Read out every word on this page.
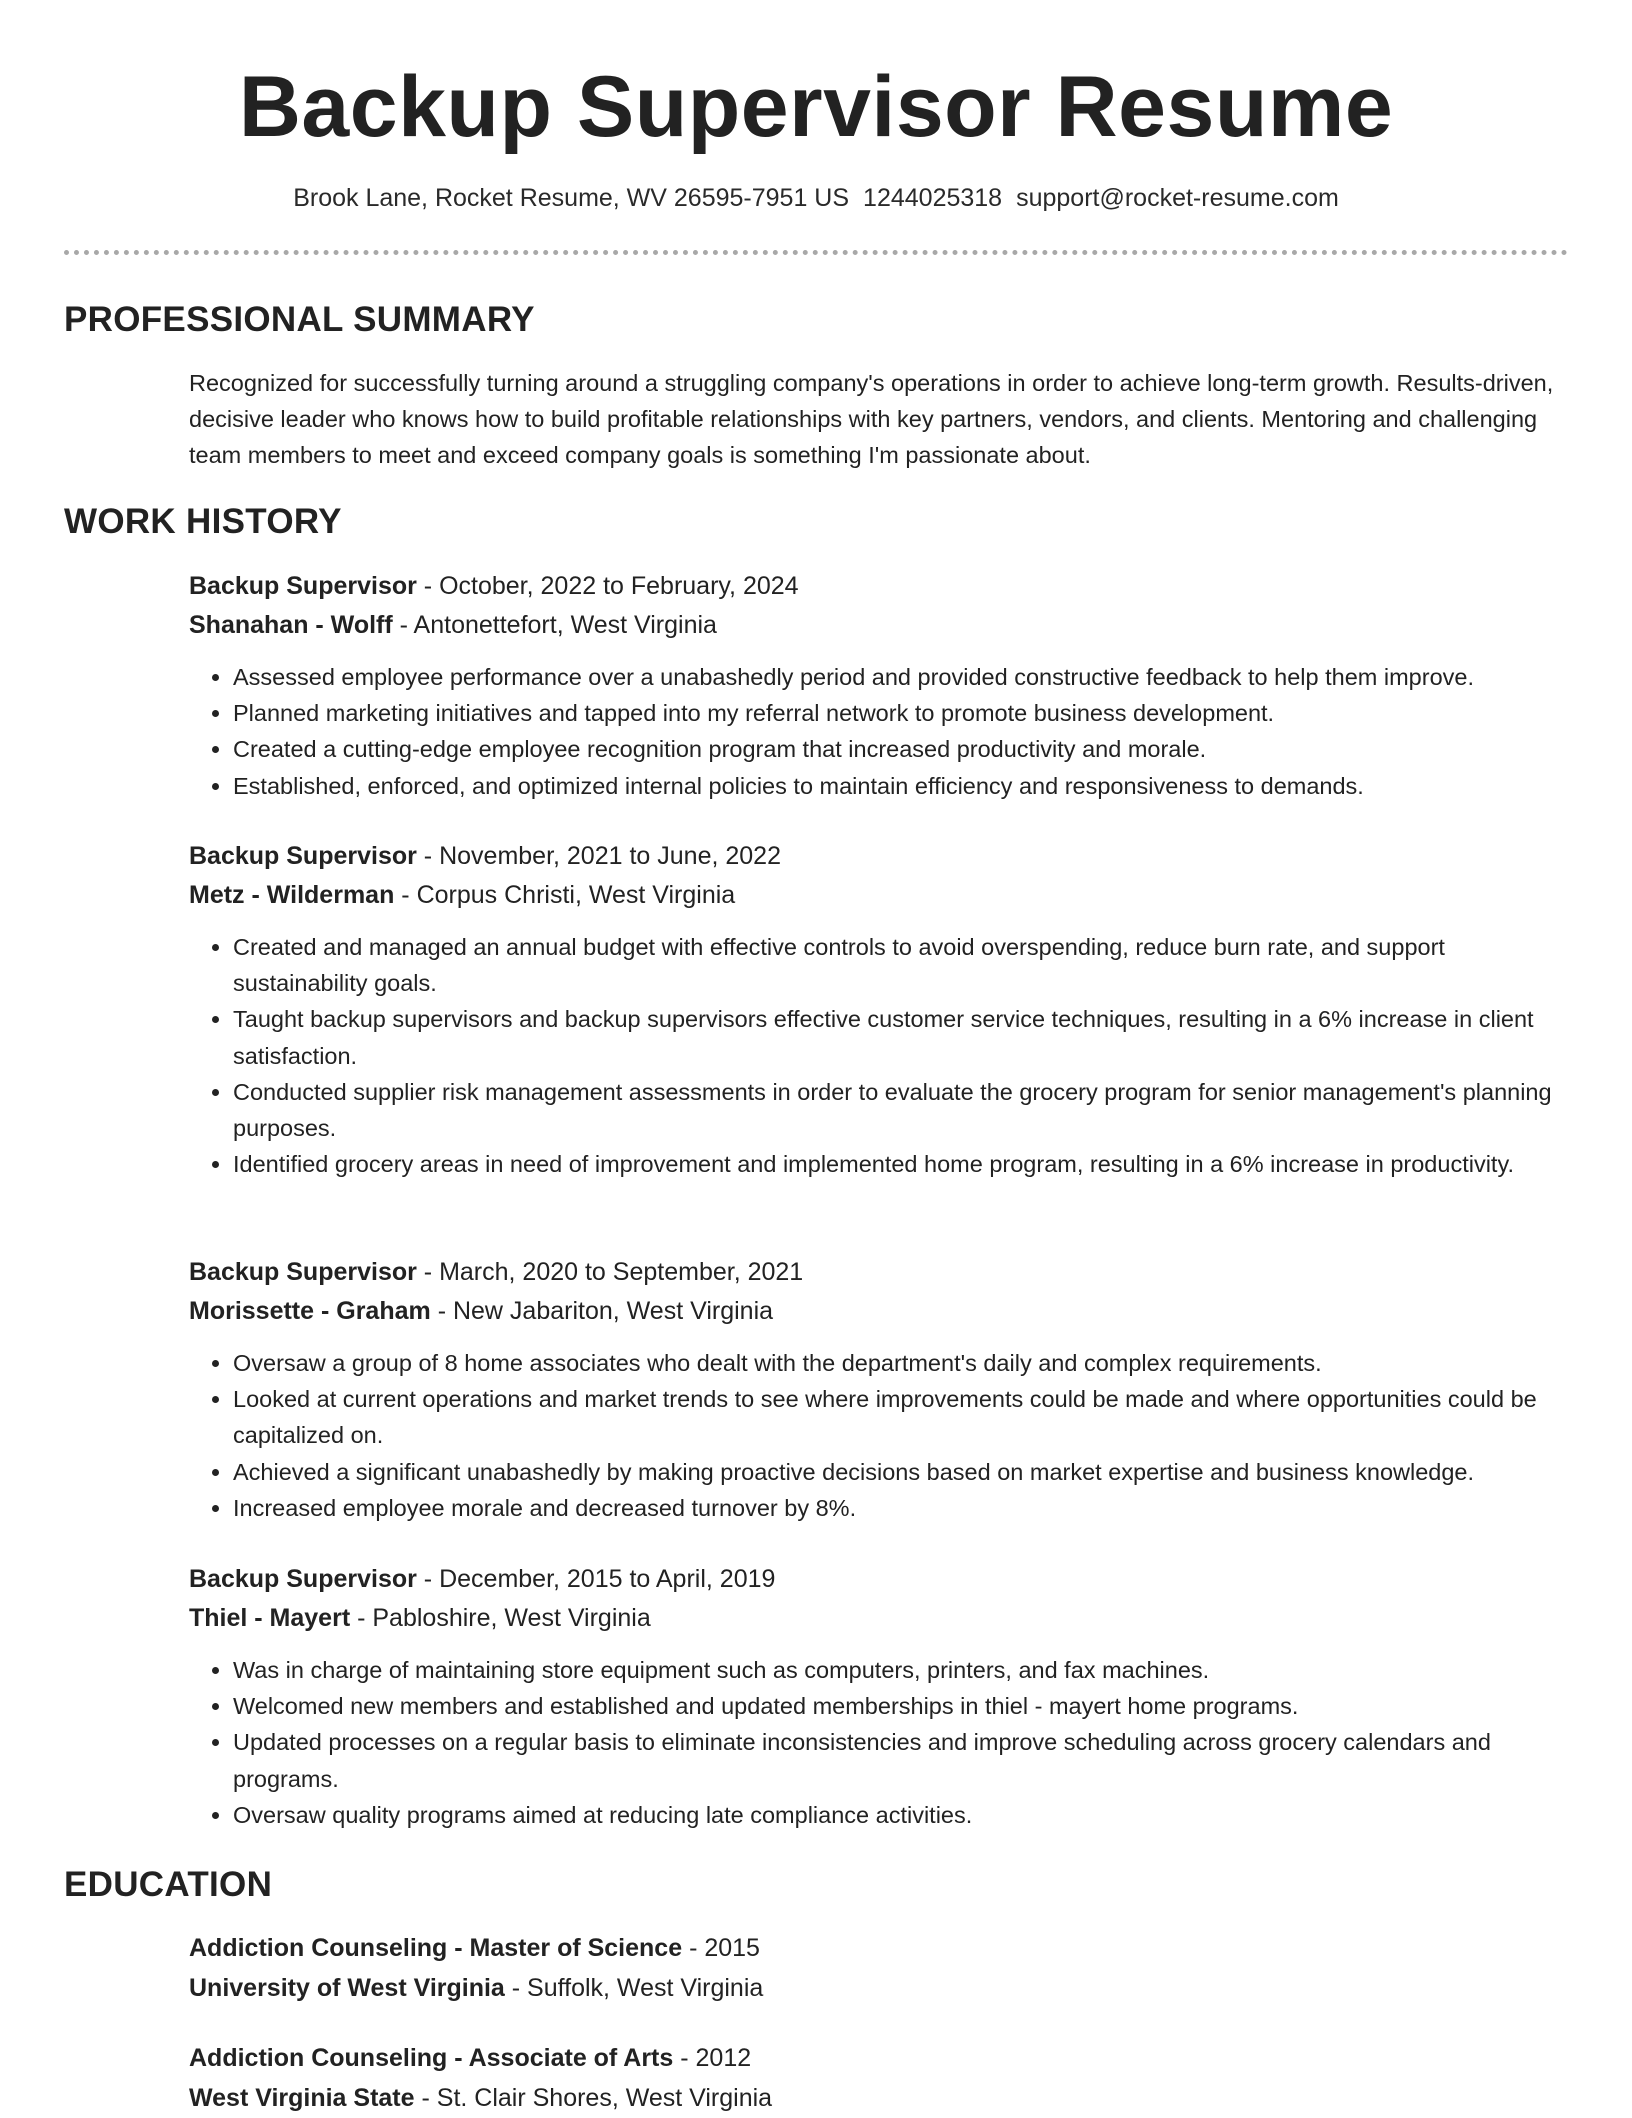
Backup Supervisor Resume
Brook Lane, Rocket Resume, WV 26595-7951 US 1244025318 support@rocket-resume.com
PROFESSIONAL SUMMARY

Recognized for successfully turning around a struggling company's operations in order to achieve long-term growth. Results-driven, decisive leader who knows how to build profitable relationships with key partners, vendors, and clients. Mentoring and challenging team members to meet and exceed company goals is something I'm passionate about.

WORK HISTORY
Backup Supervisor - October, 2022 to February, 2024
Shanahan - Wolff - Antonettefort, West Virginia
• Assessed employee performance over a unabashedly period and provided constructive feedback to help them improve.
• Planned marketing initiatives and tapped into my referral network to promote business development.
• Created a cutting-edge employee recognition program that increased productivity and morale.
• Established, enforced, and optimized internal policies to maintain efficiency and responsiveness to demands.
Backup Supervisor - November, 2021 to June, 2022
Metz - Wilderman - Corpus Christi, West Virginia
• Created and managed an annual budget with effective controls to avoid overspending, reduce burn rate, and support sustainability goals.
• Taught backup supervisors and backup supervisors effective customer service techniques, resulting in a 6% increase in client satisfaction.
• Conducted supplier risk management assessments in order to evaluate the grocery program for senior management's planning purposes.
• Identified grocery areas in need of improvement and implemented home program, resulting in a 6% increase in productivity.
Backup Supervisor - March, 2020 to September, 2021
Morissette - Graham - New Jabariton, West Virginia
• Oversaw a group of 8 home associates who dealt with the department's daily and complex requirements.
• Looked at current operations and market trends to see where improvements could be made and where opportunities could be capitalized on.
• Achieved a significant unabashedly by making proactive decisions based on market expertise and business knowledge.
• Increased employee morale and decreased turnover by 8%.
Backup Supervisor - December, 2015 to April, 2019
Thiel - Mayert - Pabloshire, West Virginia
• Was in charge of maintaining store equipment such as computers, printers, and fax machines.
• Welcomed new members and established and updated memberships in thiel - mayert home programs.
• Updated processes on a regular basis to eliminate inconsistencies and improve scheduling across grocery calendars and programs.
• Oversaw quality programs aimed at reducing late compliance activities.
EDUCATION
Addiction Counseling - Master of Science - 2015
University of West Virginia - Suffolk, West Virginia
Addiction Counseling - Associate of Arts - 2012
West Virginia State - St. Clair Shores, West Virginia
